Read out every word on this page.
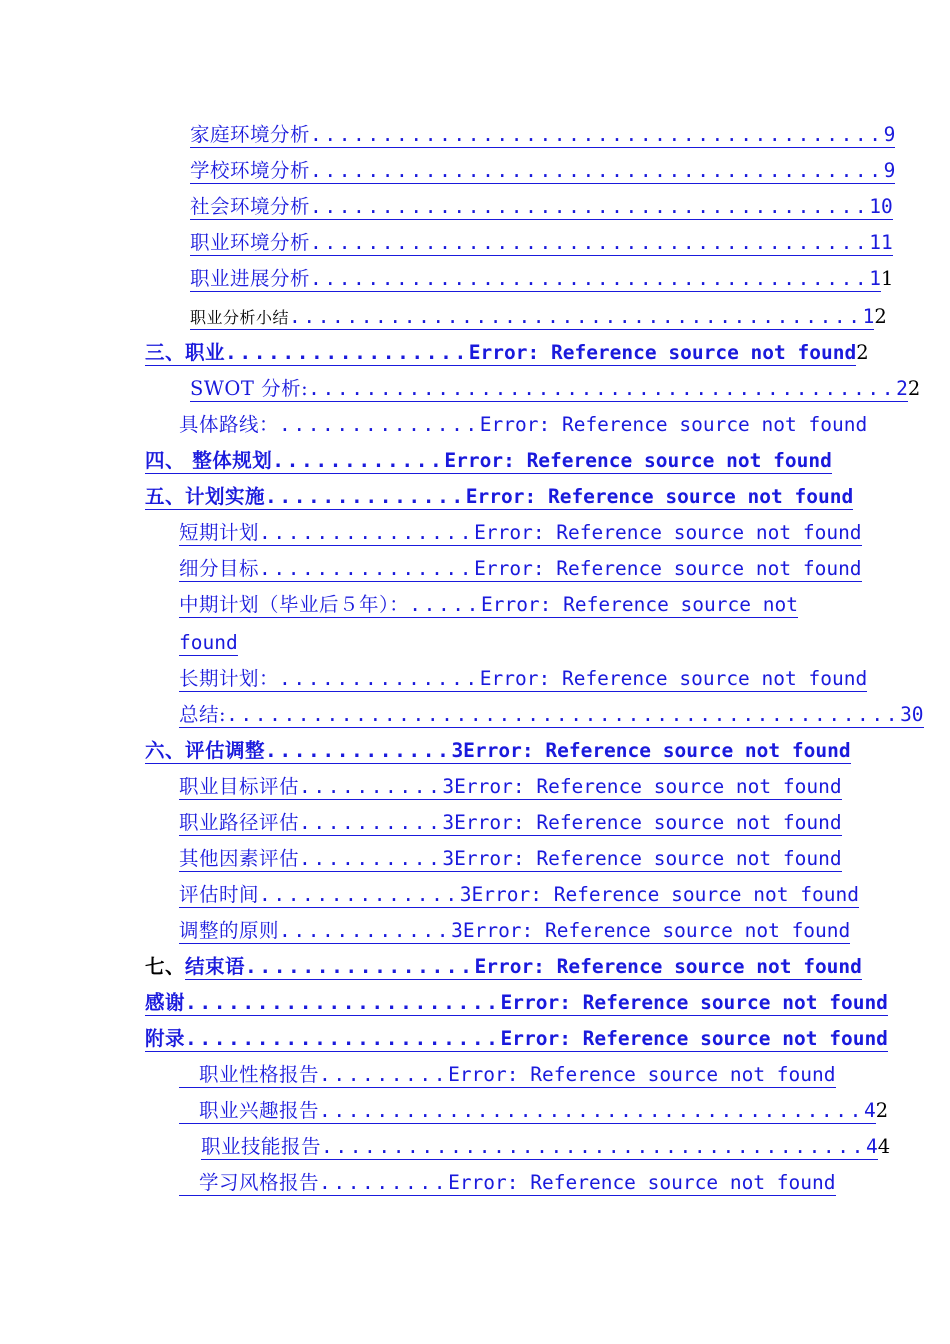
家庭环境分析........................................9
学校环境分析........................................9
社会环境分析.......................................10
职业环境分析.......................................11
职业进展分析.......................................11
职业分析小结........................................12
三、职业.................Error: Reference source not found2
SWOT 分析:.........................................22
具体路线：..............Error: Reference source not found
四、 整体规划............Error: Reference source not found
五、计划实施..............Error: Reference source not found
短期计划...............Error: Reference source not found
细分目标...............Error: Reference source not found
中期计划（毕业后５年）：.....Error: Reference source not
found
长期计划：..............Error: Reference source not found
总结:...............................................30
六、评估调整.............3Error: Reference source not found
职业目标评估..........3Error: Reference source not found
职业路径评估..........3Error: Reference source not found
其他因素评估..........3Error: Reference source not found
评估时间..............3Error: Reference source not found
调整的原则............3Error: Reference source not found
七、结束语................Error: Reference source not found
感谢......................Error: Reference source not found
附录......................Error: Reference source not found
　职业性格报告.........Error: Reference source not found
　职业兴趣报告......................................42
职业技能报告......................................44
　学习风格报告.........Error: Reference source not found
